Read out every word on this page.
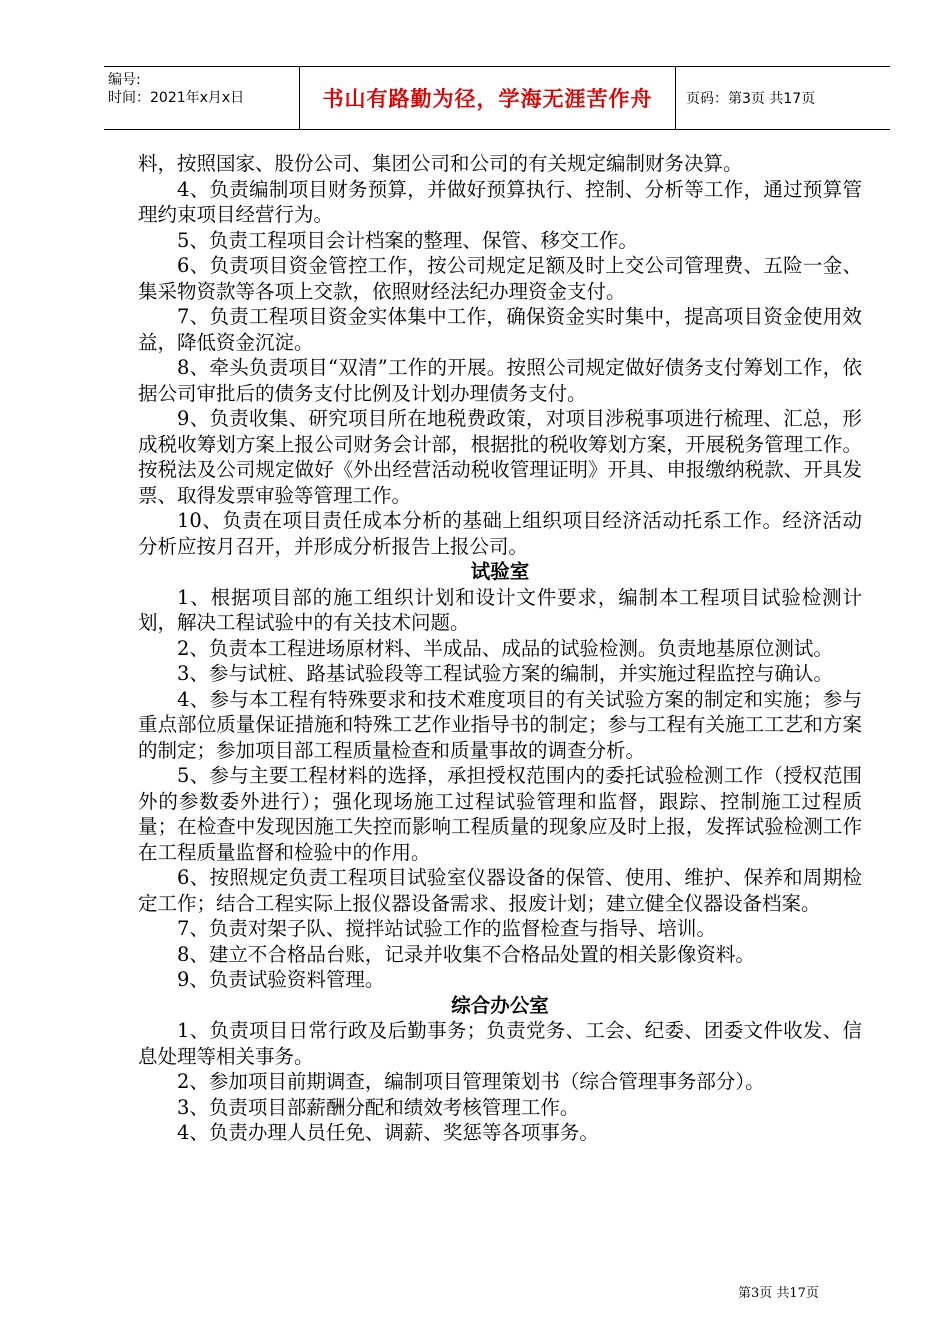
编号:
时间：2021年x月x日	书山有路勤为径，学海无涯苦作舟	页码：第3页 共17页

料，按照国家、股份公司、集团公司和公司的有关规定编制财务决算。

4、负责编制项目财务预算，并做好预算执行、控制、分析等工作，通过预算管理约束项目经营行为。

5、负责工程项目会计档案的整理、保管、移交工作。

6、负责项目资金管控工作，按公司规定足额及时上交公司管理费、五险一金、集采物资款等各项上交款，依照财经法纪办理资金支付。

7、负责工程项目资金实体集中工作，确保资金实时集中，提高项目资金使用效益，降低资金沉淀。

8、牵头负责项目“双清”工作的开展。按照公司规定做好债务支付筹划工作，依据公司审批后的债务支付比例及计划办理债务支付。

9、负责收集、研究项目所在地税费政策，对项目涉税事项进行梳理、汇总，形成税收筹划方案上报公司财务会计部，根据批的税收筹划方案，开展税务管理工作。按税法及公司规定做好《外出经营活动税收管理证明》开具、申报缴纳税款、开具发票、取得发票审验等管理工作。

10、负责在项目责任成本分析的基础上组织项目经济活动托系工作。经济活动分析应按月召开，并形成分析报告上报公司。

试验室

1、根据项目部的施工组织计划和设计文件要求，编制本工程项目试验检测计划，解决工程试验中的有关技术问题。

2、负责本工程进场原材料、半成品、成品的试验检测。负责地基原位测试。

3、参与试桩、路基试验段等工程试验方案的编制，并实施过程监控与确认。

4、参与本工程有特殊要求和技术难度项目的有关试验方案的制定和实施；参与重点部位质量保证措施和特殊工艺作业指导书的制定；参与工程有关施工工艺和方案的制定；参加项目部工程质量检查和质量事故的调查分析。

5、参与主要工程材料的选择，承担授权范围内的委托试验检测工作（授权范围外的参数委外进行）；强化现场施工过程试验管理和监督，跟踪、控制施工过程质量；在检查中发现因施工失控而影响工程质量的现象应及时上报，发挥试验检测工作在工程质量监督和检验中的作用。

6、按照规定负责工程项目试验室仪器设备的保管、使用、维护、保养和周期检定工作；结合工程实际上报仪器设备需求、报废计划；建立健全仪器设备档案。

7、负责对架子队、搅拌站试验工作的监督检查与指导、培训。

8、建立不合格品台账，记录并收集不合格品处置的相关影像资料。

9、负责试验资料管理。

综合办公室

1、负责项目日常行政及后勤事务；负责党务、工会、纪委、团委文件收发、信息处理等相关事务。

2、参加项目前期调查，编制项目管理策划书（综合管理事务部分）。

3、负责项目部薪酬分配和绩效考核管理工作。

4、负责办理人员任免、调薪、奖惩等各项事务。

第3页 共17页
